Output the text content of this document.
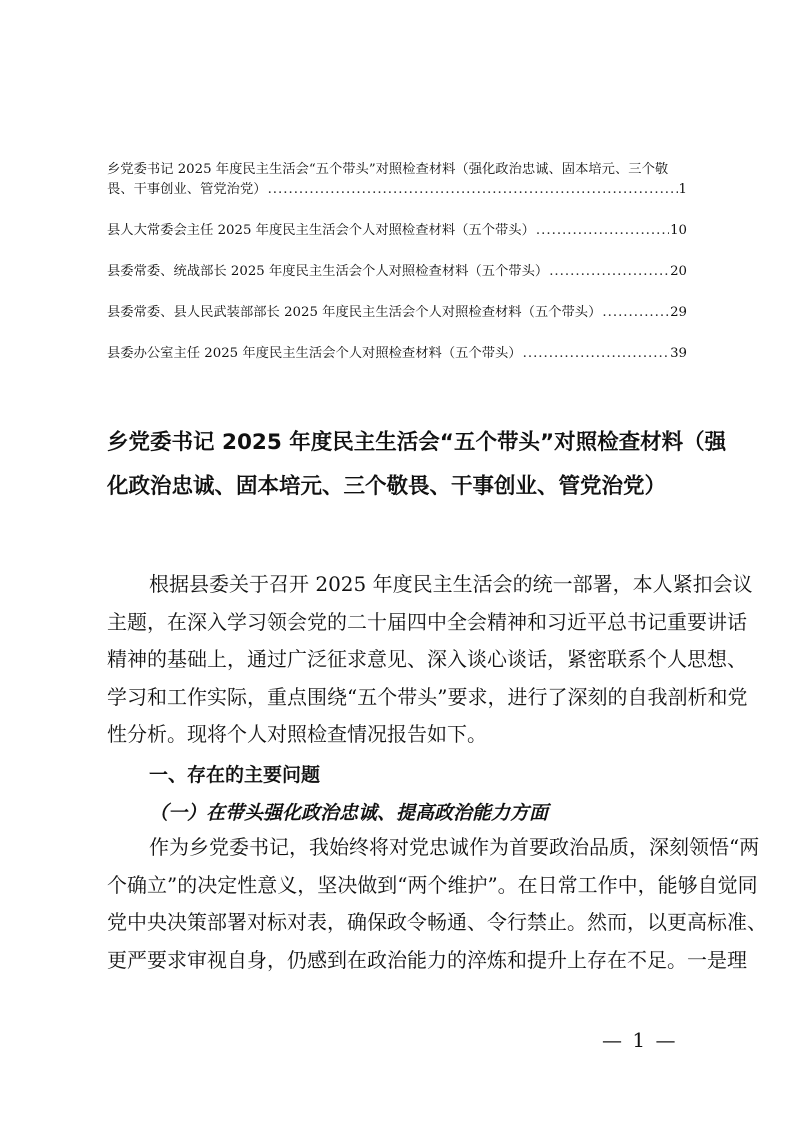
乡党委书记 2025 年度民主生活会“五个带头”对照检查材料（强化政治忠诚、固本培元、三个敬
畏、干事创业、管党治党） .....	1
县人大常委会主任 2025 年度民主生活会个人对照检查材料（五个带头） .....	10
县委常委、统战部长 2025 年度民主生活会个人对照检查材料（五个带头） .....	20
县委常委、县人民武装部部长 2025 年度民主生活会个人对照检查材料（五个带头） .....	29
县委办公室主任 2025 年度民主生活会个人对照检查材料（五个带头） .....	39
乡党委书记 2025 年度民主生活会“五个带头”对照检查材料（强
化政治忠诚、固本培元、三个敬畏、干事创业、管党治党）
根据县委关于召开 2025 年度民主生活会的统一部署，本人紧扣会议
主题，在深入学习领会党的二十届四中全会精神和习近平总书记重要讲话
精神的基础上，通过广泛征求意见、深入谈心谈话，紧密联系个人思想、
学习和工作实际，重点围绕“五个带头”要求，进行了深刻的自我剖析和党
性分析。现将个人对照检查情况报告如下。
一、存在的主要问题
（一）在带头强化政治忠诚、提高政治能力方面
作为乡党委书记，我始终将对党忠诚作为首要政治品质，深刻领悟“两
个确立”的决定性意义，坚决做到“两个维护”。在日常工作中，能够自觉同
党中央决策部署对标对表，确保政令畅通、令行禁止。然而，以更高标准、
更严要求审视自身，仍感到在政治能力的淬炼和提升上存在不足。一是理
— 1 —
